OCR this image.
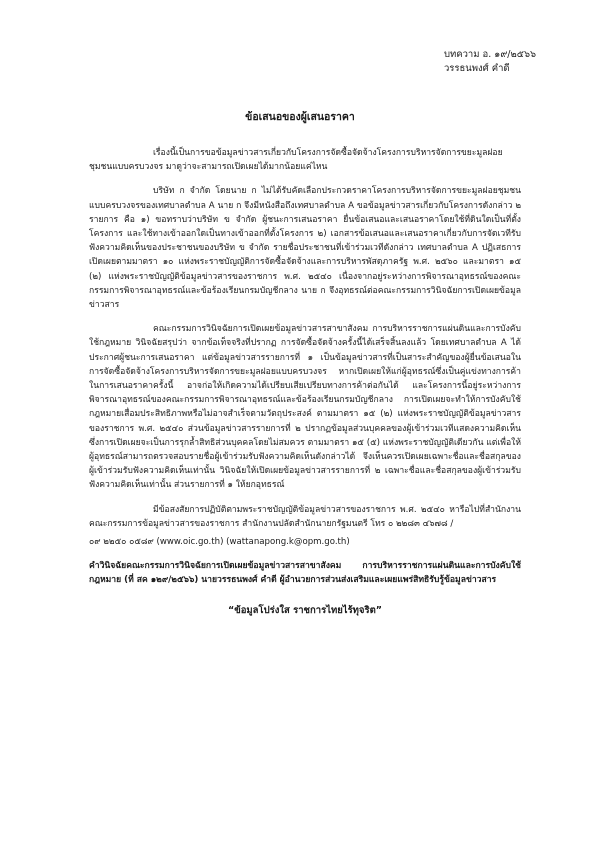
บทความ อ. ๑๙/๒๕๖๖
วรรธนพงศ์ คำดี
ข้อเสนอของผู้เสนอราคา

เรื่องนี้เป็นการขอข้อมูลข่าวสารเกี่ยวกับโครงการจัดซื้อจัดจ้างโครงการบริหารจัดการขยะมูลฝอยชุมชนแบบครบวงจร มาดูว่าจะสามารถเปิดเผยได้มากน้อยแค่ไหน

บริษัท ก จำกัด โดยนาย ก ไม่ได้รับคัดเลือกประกวดราคาโครงการบริหารจัดการขยะมูลฝอยชุมชนแบบครบวงจรของเทศบาลตำบล A นาย ก จึงมีหนังสือถึงเทศบาลตำบล A ขอข้อมูลข่าวสารเกี่ยวกับโครงการดังกล่าว ๒ รายการ คือ ๑) ขอทราบว่าบริษัท ข จำกัด ผู้ชนะการเสนอราคา ยื่นข้อเสนอและเสนอราคาโดยใช้ที่ดินใดเป็นที่ตั้งโครงการ และใช้ทางเข้าออกใดเป็นทางเข้าออกที่ตั้งโครงการ ๒) เอกสารข้อเสนอและเสนอราคาเกี่ยวกับการจัดเวทีรับฟังความคิดเห็นของประชาชนของบริษัท ข จำกัด รายชื่อประชาชนที่เข้าร่วมเวทีดังกล่าว เทศบาลตำบล A ปฏิเสธการเปิดเผยตามมาตรา ๑๐ แห่งพระราชบัญญัติการจัดซื้อจัดจ้างและการบริหารพัสดุภาครัฐ พ.ศ. ๒๕๖๐ และมาตรา ๑๕ (๒) แห่งพระราชบัญญัติข้อมูลข่าวสารของราชการ พ.ศ. ๒๕๔๐ เนื่องจากอยู่ระหว่างการพิจารณาอุทธรณ์ของคณะกรรมการพิจารณาอุทธรณ์และข้อร้องเรียนกรมบัญชีกลาง นาย ก จึงอุทธรณ์ต่อคณะกรรมการวินิจฉัยการเปิดเผยข้อมูลข่าวสาร

คณะกรรมการวินิจฉัยการเปิดเผยข้อมูลข่าวสารสาขาสังคม การบริหารราชการแผ่นดินและการบังคับใช้กฎหมาย วินิจฉัยสรุปว่า จากข้อเท็จจริงที่ปรากฏ การจัดซื้อจัดจ้างครั้งนี้ได้เสร็จสิ้นลงแล้ว โดยเทศบาลตำบล A ได้ประกาศผู้ชนะการเสนอราคา แต่ข้อมูลข่าวสารรายการที่ ๑ เป็นข้อมูลข่าวสารที่เป็นสาระสำคัญของผู้ยื่นข้อเสนอในการจัดซื้อจัดจ้างโครงการบริหารจัดการขยะมูลฝอยแบบครบวงจร หากเปิดเผยให้แก่ผู้อุทธรณ์ซึ่งเป็นคู่แข่งทางการค้าในการเสนอราคาครั้งนี้ อาจก่อให้เกิดความได้เปรียบเสียเปรียบทางการค้าต่อกันได้ และโครงการนี้อยู่ระหว่างการพิจารณาอุทธรณ์ของคณะกรรมการพิจารณาอุทธรณ์และข้อร้องเรียนกรมบัญชีกลาง การเปิดเผยจะทำให้การบังคับใช้กฎหมายเสื่อมประสิทธิภาพหรือไม่อาจสำเร็จตามวัตถุประสงค์ ตามมาตรา ๑๕ (๒) แห่งพระราชบัญญัติข้อมูลข่าวสารของราชการ พ.ศ. ๒๕๔๐ ส่วนข้อมูลข่าวสารรายการที่ ๒ ปรากฏข้อมูลส่วนบุคคลของผู้เข้าร่วมเวทีแสดงความคิดเห็น ซึ่งการเปิดเผยจะเป็นการรุกล้ำสิทธิส่วนบุคคลโดยไม่สมควร ตามมาตรา ๑๕ (๕) แห่งพระราชบัญญัติเดียวกัน แต่เพื่อให้ผู้อุทธรณ์สามารถตรวจสอบรายชื่อผู้เข้าร่วมรับฟังความคิดเห็นดังกล่าวได้ จึงเห็นควรเปิดเผยเฉพาะชื่อและชื่อสกุลของผู้เข้าร่วมรับฟังความคิดเห็นเท่านั้น วินิจฉัยให้เปิดเผยข้อมูลข่าวสารรายการที่ ๒ เฉพาะชื่อและชื่อสกุลของผู้เข้าร่วมรับฟังความคิดเห็นเท่านั้น ส่วนรายการที่ ๑ ให้ยกอุทธรณ์

มีข้อสงสัยการปฏิบัติตามพระราชบัญญัติข้อมูลข่าวสารของราชการ พ.ศ. ๒๕๔๐ หารือไปที่สำนักงานคณะกรรมการข้อมูลข่าวสารของราชการ สำนักงานปลัดสำนักนายกรัฐมนตรี โทร ๐ ๒๒๘๓ ๔๖๗๘ /

๐๙ ๒๒๕๐ ๐๕๘๙ (www.oic.go.th) (wattanapong.k@opm.go.th)
คำวินิจฉัยคณะกรรมการวินิจฉัยการเปิดเผยข้อมูลข่าวสารสาขาสังคม การบริหารราชการแผ่นดินและการบังคับใช้กฎหมาย (ที่ สค ๑๒๙/๒๕๖๖) นายวรรธนพงศ์ คำดี ผู้อำนวยการส่วนส่งเสริมและเผยแพร่สิทธิรับรู้ข้อมูลข่าวสาร
“ข้อมูลโปร่งใส ราชการไทยไร้ทุจริต”
